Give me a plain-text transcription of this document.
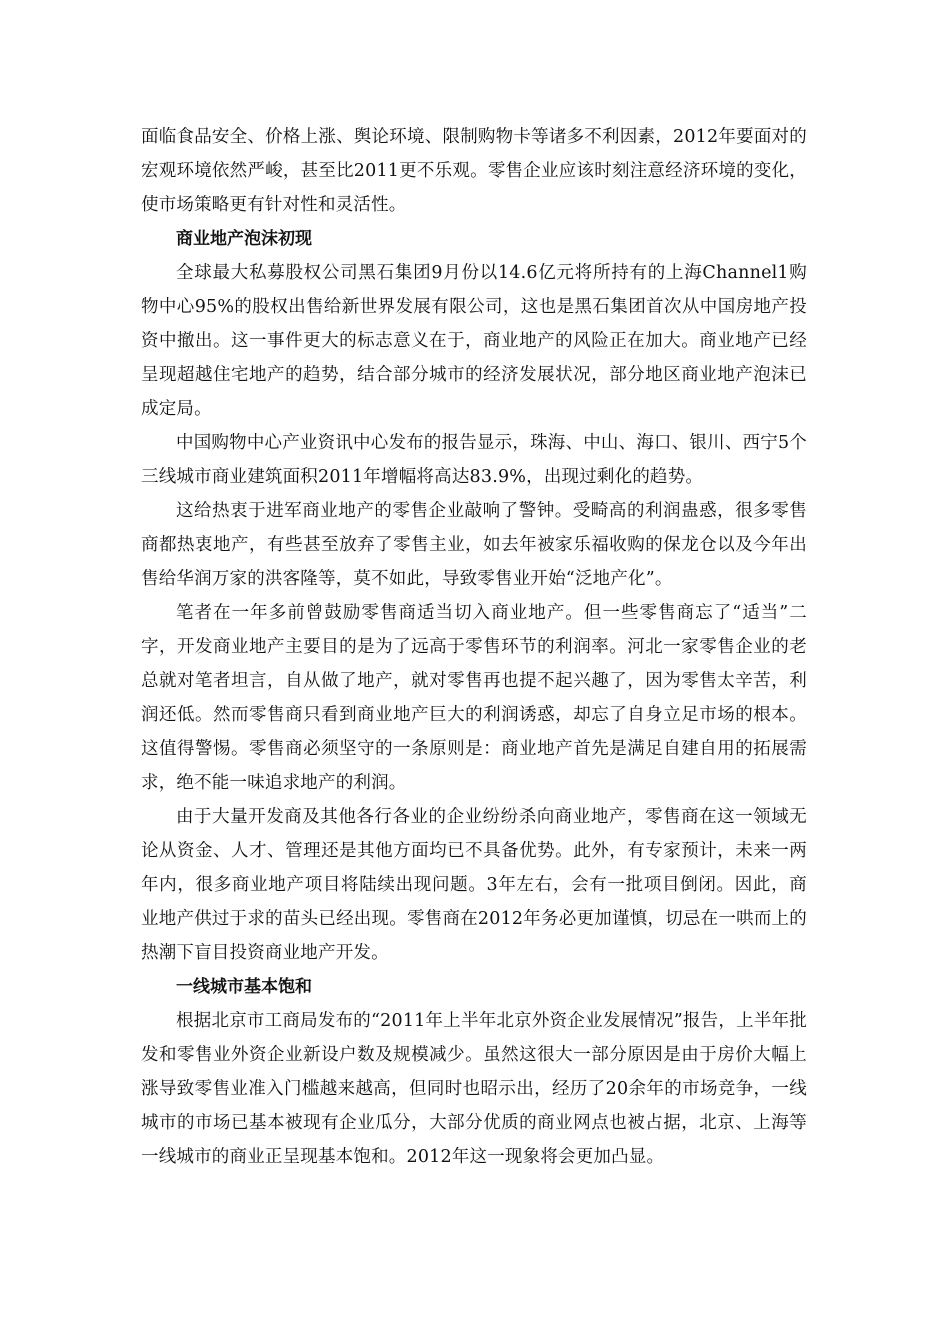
面临食品安全、价格上涨、舆论环境、限制购物卡等诸多不利因素，2012年要面对的宏观环境依然严峻，甚至比2011更不乐观。零售企业应该时刻注意经济环境的变化，使市场策略更有针对性和灵活性。

商业地产泡沫初现

全球最大私募股权公司黑石集团9月份以14.6亿元将所持有的上海Channel1购物中心95%的股权出售给新世界发展有限公司，这也是黑石集团首次从中国房地产投资中撤出。这一事件更大的标志意义在于，商业地产的风险正在加大。商业地产已经呈现超越住宅地产的趋势，结合部分城市的经济发展状况，部分地区商业地产泡沫已成定局。

中国购物中心产业资讯中心发布的报告显示，珠海、中山、海口、银川、西宁5个三线城市商业建筑面积2011年增幅将高达83.9%，出现过剩化的趋势。

这给热衷于进军商业地产的零售企业敲响了警钟。受畸高的利润蛊惑，很多零售商都热衷地产，有些甚至放弃了零售主业，如去年被家乐福收购的保龙仓以及今年出售给华润万家的洪客隆等，莫不如此，导致零售业开始“泛地产化”。

笔者在一年多前曾鼓励零售商适当切入商业地产。但一些零售商忘了“适当”二字，开发商业地产主要目的是为了远高于零售环节的利润率。河北一家零售企业的老总就对笔者坦言，自从做了地产，就对零售再也提不起兴趣了，因为零售太辛苦，利润还低。然而零售商只看到商业地产巨大的利润诱惑，却忘了自身立足市场的根本。这值得警惕。零售商必须坚守的一条原则是：商业地产首先是满足自建自用的拓展需求，绝不能一味追求地产的利润。

由于大量开发商及其他各行各业的企业纷纷杀向商业地产，零售商在这一领域无论从资金、人才、管理还是其他方面均已不具备优势。此外，有专家预计，未来一两年内，很多商业地产项目将陆续出现问题。3年左右，会有一批项目倒闭。因此，商业地产供过于求的苗头已经出现。零售商在2012年务必更加谨慎，切忌在一哄而上的热潮下盲目投资商业地产开发。

一线城市基本饱和

根据北京市工商局发布的“2011年上半年北京外资企业发展情况”报告，上半年批发和零售业外资企业新设户数及规模减少。虽然这很大一部分原因是由于房价大幅上涨导致零售业准入门槛越来越高，但同时也昭示出，经历了20余年的市场竞争，一线城市的市场已基本被现有企业瓜分，大部分优质的商业网点也被占据，北京、上海等一线城市的商业正呈现基本饱和。2012年这一现象将会更加凸显。
